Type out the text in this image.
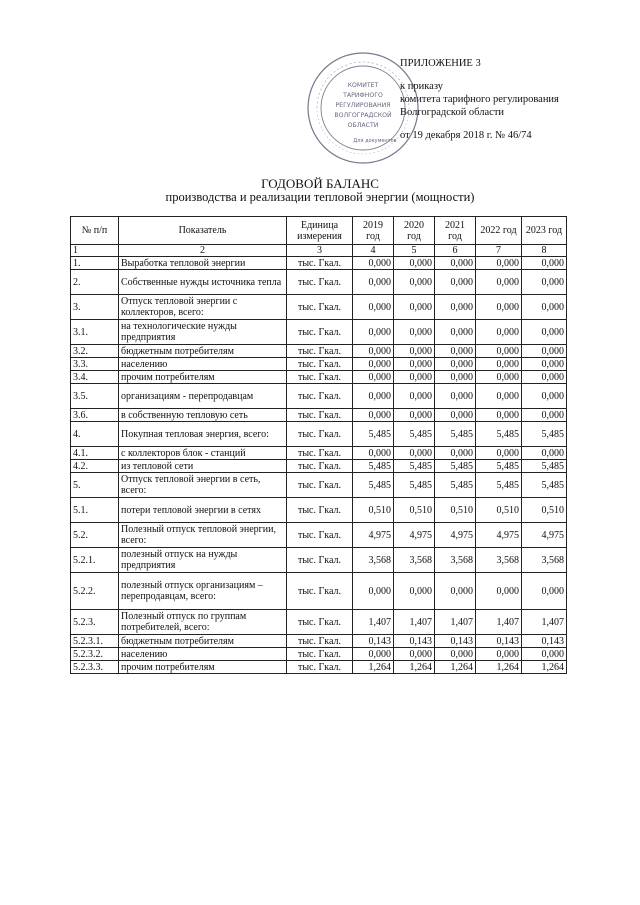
ПРИЛОЖЕНИЕ 3
к приказу
комитета тарифного регулирования
Волгоградской области
от 19 декабря 2018 г. № 46/74
КОМИТЕТ
ТАРИФНОГО
РЕГУЛИРОВАНИЯ
ВОЛГОГРАДСКОЙ
ОБЛАСТИ
Для документов
ГОДОВОЙ БАЛАНС
производства и реализации тепловой энергии (мощности)
№ п/п	Показатель	Единица измерения	2019 год	2020 год	2021 год	2022 год	2023 год
1	2	3	4	5	6	7	8
1.	Выработка тепловой энергии	тыс. Гкал.	0,000	0,000	0,000	0,000	0,000
2.	Собственные нужды источника тепла	тыс. Гкал.	0,000	0,000	0,000	0,000	0,000
3.	Отпуск тепловой энергии с коллекторов, всего:	тыс. Гкал.	0,000	0,000	0,000	0,000	0,000
3.1.	на технологические нужды предприятия	тыс. Гкал.	0,000	0,000	0,000	0,000	0,000
3.2.	бюджетным потребителям	тыс. Гкал.	0,000	0,000	0,000	0,000	0,000
3.3.	населению	тыс. Гкал.	0,000	0,000	0,000	0,000	0,000
3.4.	прочим потребителям	тыс. Гкал.	0,000	0,000	0,000	0,000	0,000
3.5.	организациям - перепродавцам	тыс. Гкал.	0,000	0,000	0,000	0,000	0,000
3.6.	в собственную тепловую сеть	тыс. Гкал.	0,000	0,000	0,000	0,000	0,000
4.	Покупная тепловая энергия, всего:	тыс. Гкал.	5,485	5,485	5,485	5,485	5,485
4.1.	с коллекторов блок - станций	тыс. Гкал.	0,000	0,000	0,000	0,000	0,000
4.2.	из тепловой сети	тыс. Гкал.	5,485	5,485	5,485	5,485	5,485
5.	Отпуск тепловой энергии в сеть, всего:	тыс. Гкал.	5,485	5,485	5,485	5,485	5,485
5.1.	потери тепловой энергии в сетях	тыс. Гкал.	0,510	0,510	0,510	0,510	0,510
5.2.	Полезный отпуск тепловой энергии, всего:	тыс. Гкал.	4,975	4,975	4,975	4,975	4,975
5.2.1.	полезный отпуск на нужды предприятия	тыс. Гкал.	3,568	3,568	3,568	3,568	3,568
5.2.2.	полезный отпуск организациям – перепродавцам, всего:	тыс. Гкал.	0,000	0,000	0,000	0,000	0,000
5.2.3.	Полезный отпуск по группам потребителей, всего:	тыс. Гкал.	1,407	1,407	1,407	1,407	1,407
5.2.3.1.	бюджетным потребителям	тыс. Гкал.	0,143	0,143	0,143	0,143	0,143
5.2.3.2.	населению	тыс. Гкал.	0,000	0,000	0,000	0,000	0,000
5.2.3.3.	прочим потребителям	тыс. Гкал.	1,264	1,264	1,264	1,264	1,264
